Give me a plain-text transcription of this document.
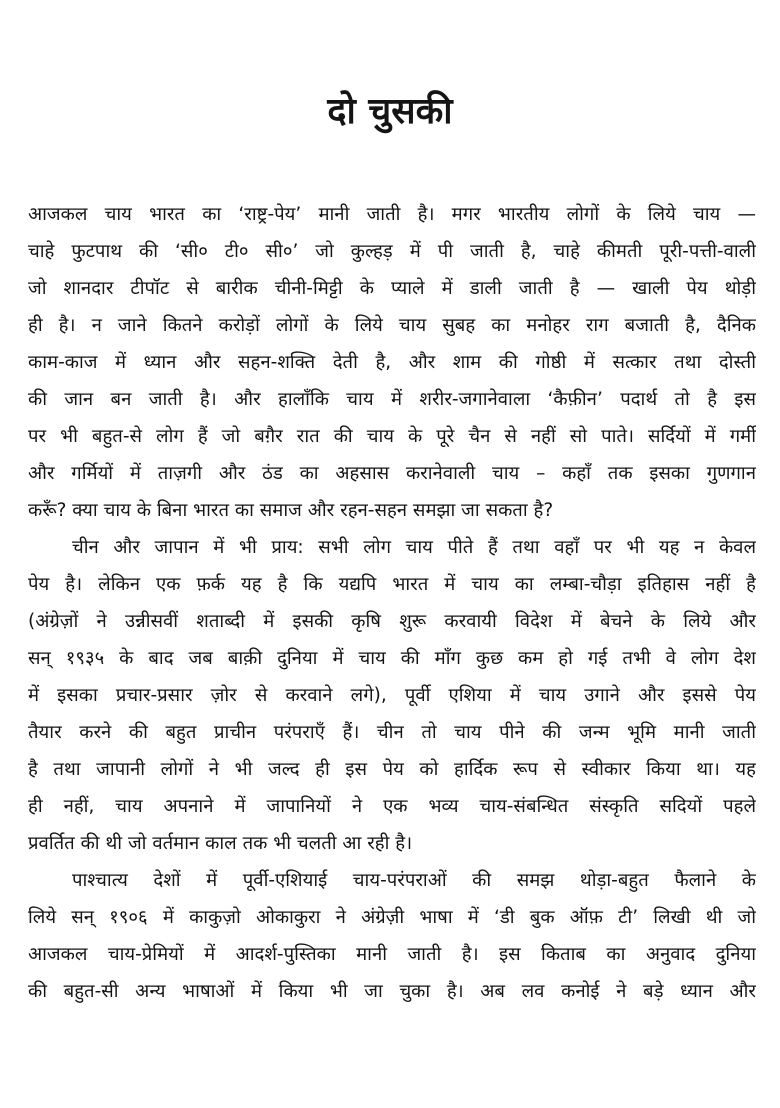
दो चुसकी

आजकल चाय भारत का ‘राष्ट्र-पेय’ मानी जाती है। मगर भारतीय लोगों के लिये चाय —
चाहे फुटपाथ की ‘सी० टी० सी०’ जो कुल्हड़ में पी जाती है, चाहे कीमती पूरी-पत्ती-वाली
जो शानदार टीपॉट से बारीक चीनी-मिट्टी के प्याले में डाली जाती है — खाली पेय थोड़ी
ही है। न जाने कितने करोड़ों लोगों के लिये चाय सुबह का मनोहर राग बजाती है, दैनिक
काम-काज में ध्यान और सहन-शक्ति देती है, और शाम की गोष्ठी में सत्कार तथा दोस्ती
की जान बन जाती है। और हालाँकि चाय में शरीर-जगानेवाला ‘कैफ़ीन’ पदार्थ तो है इस
पर भी बहुत-से लोग हैं जो बग़ैर रात की चाय के पूरे चैन से नहीं सो पाते। सर्दियों में गर्मी
और गर्मियों में ताज़गी और ठंड का अहसास करानेवाली चाय – कहाँ तक इसका गुणगान
करूँ? क्या चाय के बिना भारत का समाज और रहन-सहन समझा जा सकता है?

चीन और जापान में भी प्राय: सभी लोग चाय पीते हैं तथा वहाँ पर भी यह न केवल
पेय है। लेकिन एक फ़र्क यह है कि यद्यपि भारत में चाय का लम्बा-चौड़ा इतिहास नहीं है
(अंग्रेज़ों ने उन्नीसवीं शताब्दी में इसकी कृषि शुरू करवायी विदेश में बेचने के लिये और
सन् १९३५ के बाद जब बाक़ी दुनिया में चाय की माँग कुछ कम हो गई तभी वे लोग देश
में इसका प्रचार-प्रसार ज़ोर से करवाने लगे), पूर्वी एशिया में चाय उगाने और इससे पेय
तैयार करने की बहुत प्राचीन परंपराएँ हैं। चीन तो चाय पीने की जन्म भूमि मानी जाती
है तथा जापानी लोगों ने भी जल्द ही इस पेय को हार्दिक रूप से स्वीकार किया था। यह
ही नहीं, चाय अपनाने में जापानियों ने एक भव्य चाय-संबन्धित संस्कृति सदियों पहले
प्रवर्तित की थी जो वर्तमान काल तक भी चलती आ रही है।

पाश्चात्य देशों में पूर्वी-एशियाई चाय-परंपराओं की समझ थोड़ा-बहुत फैलाने के
लिये सन् १९०६ में काकुज़ो ओकाकुरा ने अंग्रेज़ी भाषा में ‘डी बुक ऑफ़ टी’ लिखी थी जो
आजकल चाय-प्रेमियों में आदर्श-पुस्तिका मानी जाती है। इस किताब का अनुवाद दुनिया
की बहुत-सी अन्य भाषाओं में किया भी जा चुका है। अब लव कनोई ने बड़े ध्यान और
